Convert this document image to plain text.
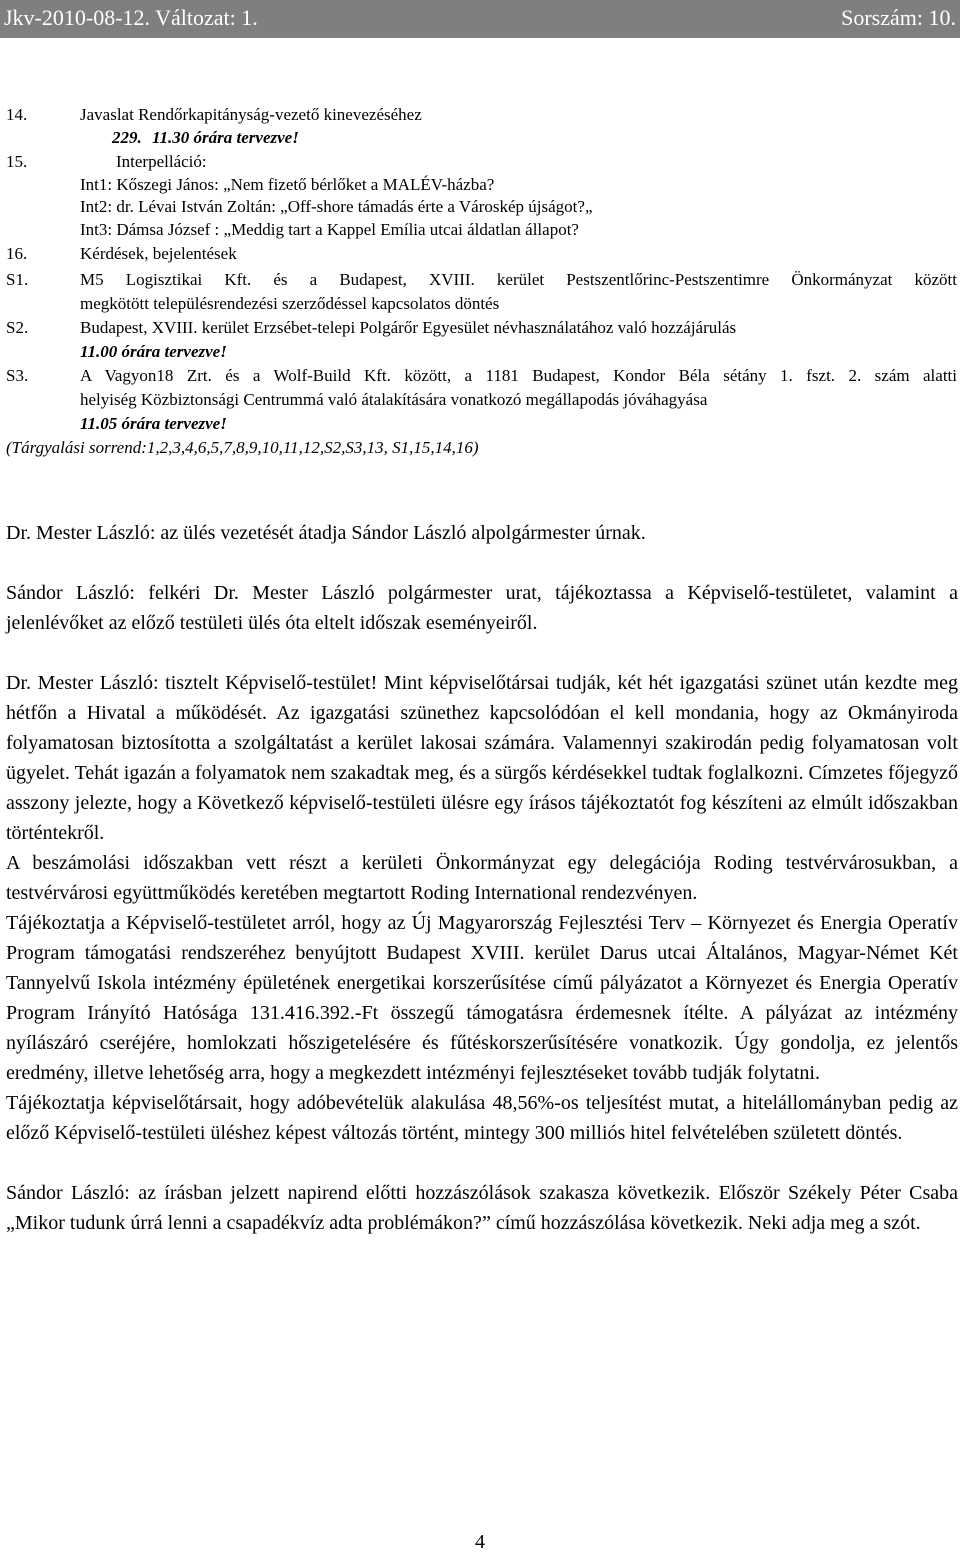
Jkv-2010-08-12. Változat: 1.	Sorszám: 10.
14.	Javaslat Rendőrkapitányság-vezető kinevezéséhez
229. 11.30 órára tervezve!
15.	Interpelláció:
Int1: Kőszegi János: „Nem fizető bérlőket a MALÉV-házba?
Int2: dr. Lévai István Zoltán: „Off-shore támadás érte a Városkép újságot?„
Int3: Dámsa József : „Meddig tart a Kappel Emília utcai áldatlan állapot?
16.	Kérdések, bejelentések
S1.	M5 Logisztikai Kft. és a Budapest, XVIII. kerület Pestszentlőrinc-Pestszentimre Önkormányzat között
megkötött településrendezési szerződéssel kapcsolatos döntés
S2.	Budapest, XVIII. kerület Erzsébet-telepi Polgárőr Egyesület névhasználatához való hozzájárulás
11.00 órára tervezve!
S3.	A Vagyon18 Zrt. és a Wolf-Build Kft. között, a 1181 Budapest, Kondor Béla sétány 1. fszt. 2. szám alatti
helyiség Közbiztonsági Centrummá való átalakítására vonatkozó megállapodás jóváhagyása
11.05 órára tervezve!
(Tárgyalási sorrend:1,2,3,4,6,5,7,8,9,10,11,12,S2,S3,13, S1,15,14,16)

Dr. Mester László: az ülés vezetését átadja Sándor László alpolgármester úrnak.

Sándor László: felkéri Dr. Mester László polgármester urat, tájékoztassa a Képviselő-testületet, valamint a jelenlévőket az előző testületi ülés óta eltelt időszak eseményeiről.

Dr. Mester László: tisztelt Képviselő-testület! Mint képviselőtársai tudják, két hét igazgatási szünet után kezdte meg hétfőn a Hivatal a működését. Az igazgatási szünethez kapcsolódóan el kell mondania, hogy az Okmányiroda folyamatosan biztosította a szolgáltatást a kerület lakosai számára. Valamennyi szakirodán pedig folyamatosan volt ügyelet. Tehát igazán a folyamatok nem szakadtak meg, és a sürgős kérdésekkel tudtak foglalkozni. Címzetes főjegyző asszony jelezte, hogy a Következő képviselő-testületi ülésre egy írásos tájékoztatót fog készíteni az elmúlt időszakban történtekről.

A beszámolási időszakban vett részt a kerületi Önkormányzat egy delegációja Roding testvérvárosukban, a testvérvárosi együttműködés keretében megtartott Roding International rendezvényen.

Tájékoztatja a Képviselő-testületet arról, hogy az Új Magyarország Fejlesztési Terv – Környezet és Energia Operatív Program támogatási rendszeréhez benyújtott Budapest XVIII. kerület Darus utcai Általános, Magyar-Német Két Tannyelvű Iskola intézmény épületének energetikai korszerűsítése című pályázatot a Környezet és Energia Operatív Program Irányító Hatósága 131.416.392.-Ft összegű támogatásra érdemesnek ítélte. A pályázat az intézmény nyílászáró cseréjére, homlokzati hőszigetelésére és fűtéskorszerűsítésére vonatkozik. Úgy gondolja, ez jelentős eredmény, illetve lehetőség arra, hogy a megkezdett intézményi fejlesztéseket tovább tudják folytatni.

Tájékoztatja képviselőtársait, hogy adóbevételük alakulása 48,56%-os teljesítést mutat, a hitelállományban pedig az előző Képviselő-testületi üléshez képest változás történt, mintegy 300 milliós hitel felvételében született döntés.

Sándor László: az írásban jelzett napirend előtti hozzászólások szakasza következik. Először Székely Péter Csaba „Mikor tudunk úrrá lenni a csapadékvíz adta problémákon?” című hozzászólása következik. Neki adja meg a szót.

4
